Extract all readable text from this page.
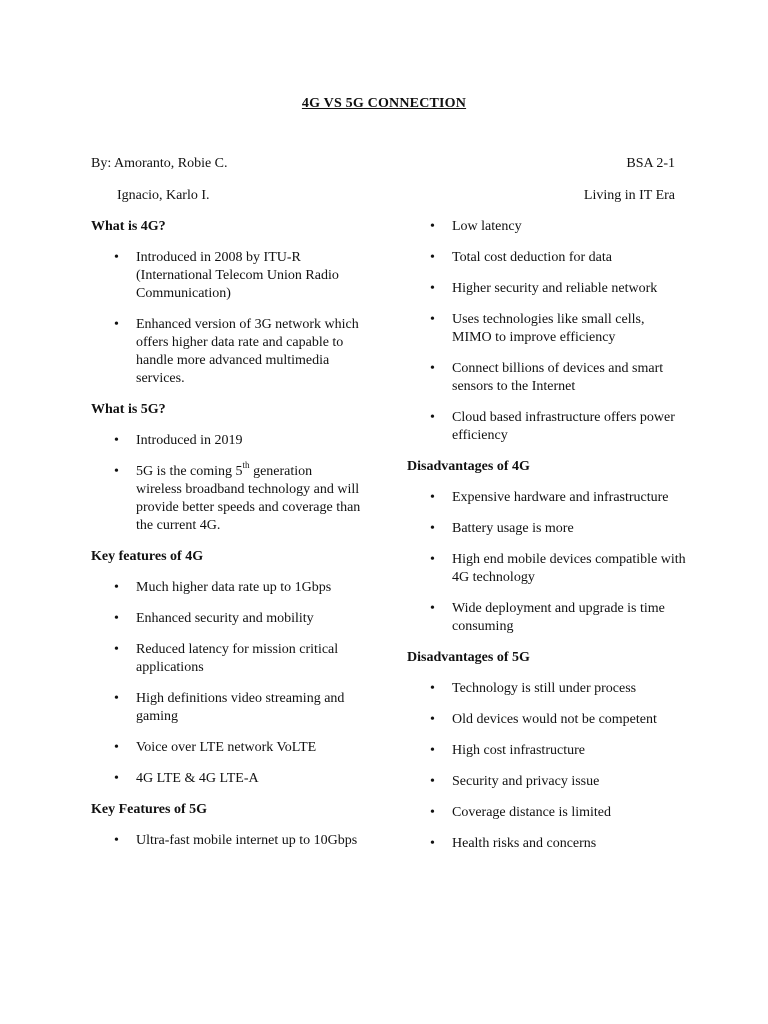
4G VS 5G CONNECTION
By: Amoranto, Robie C.
Ignacio, Karlo I.
BSA 2-1
Living in IT Era
What is 4G?
• Introduced in 2008 by ITU-R (International Telecom Union Radio Communication)
• Enhanced version of 3G network which offers higher data rate and capable to handle more advanced multimedia services.
What is 5G?
• Introduced in 2019
• 5G is the coming 5th generation wireless broadband technology and will provide better speeds and coverage than the current 4G.
Key features of 4G
• Much higher data rate up to 1Gbps
• Enhanced security and mobility
• Reduced latency for mission critical applications
• High definitions video streaming and gaming
• Voice over LTE network VoLTE
• 4G LTE & 4G LTE-A
Key Features of 5G
• Ultra-fast mobile internet up to 10Gbps
• Low latency
• Total cost deduction for data
• Higher security and reliable network
• Uses technologies like small cells, MIMO to improve efficiency
• Connect billions of devices and smart sensors to the Internet
• Cloud based infrastructure offers power efficiency
Disadvantages of 4G
• Expensive hardware and infrastructure
• Battery usage is more
• High end mobile devices compatible with 4G technology
• Wide deployment and upgrade is time consuming
Disadvantages of 5G
• Technology is still under process
• Old devices would not be competent
• High cost infrastructure
• Security and privacy issue
• Coverage distance is limited
• Health risks and concerns
